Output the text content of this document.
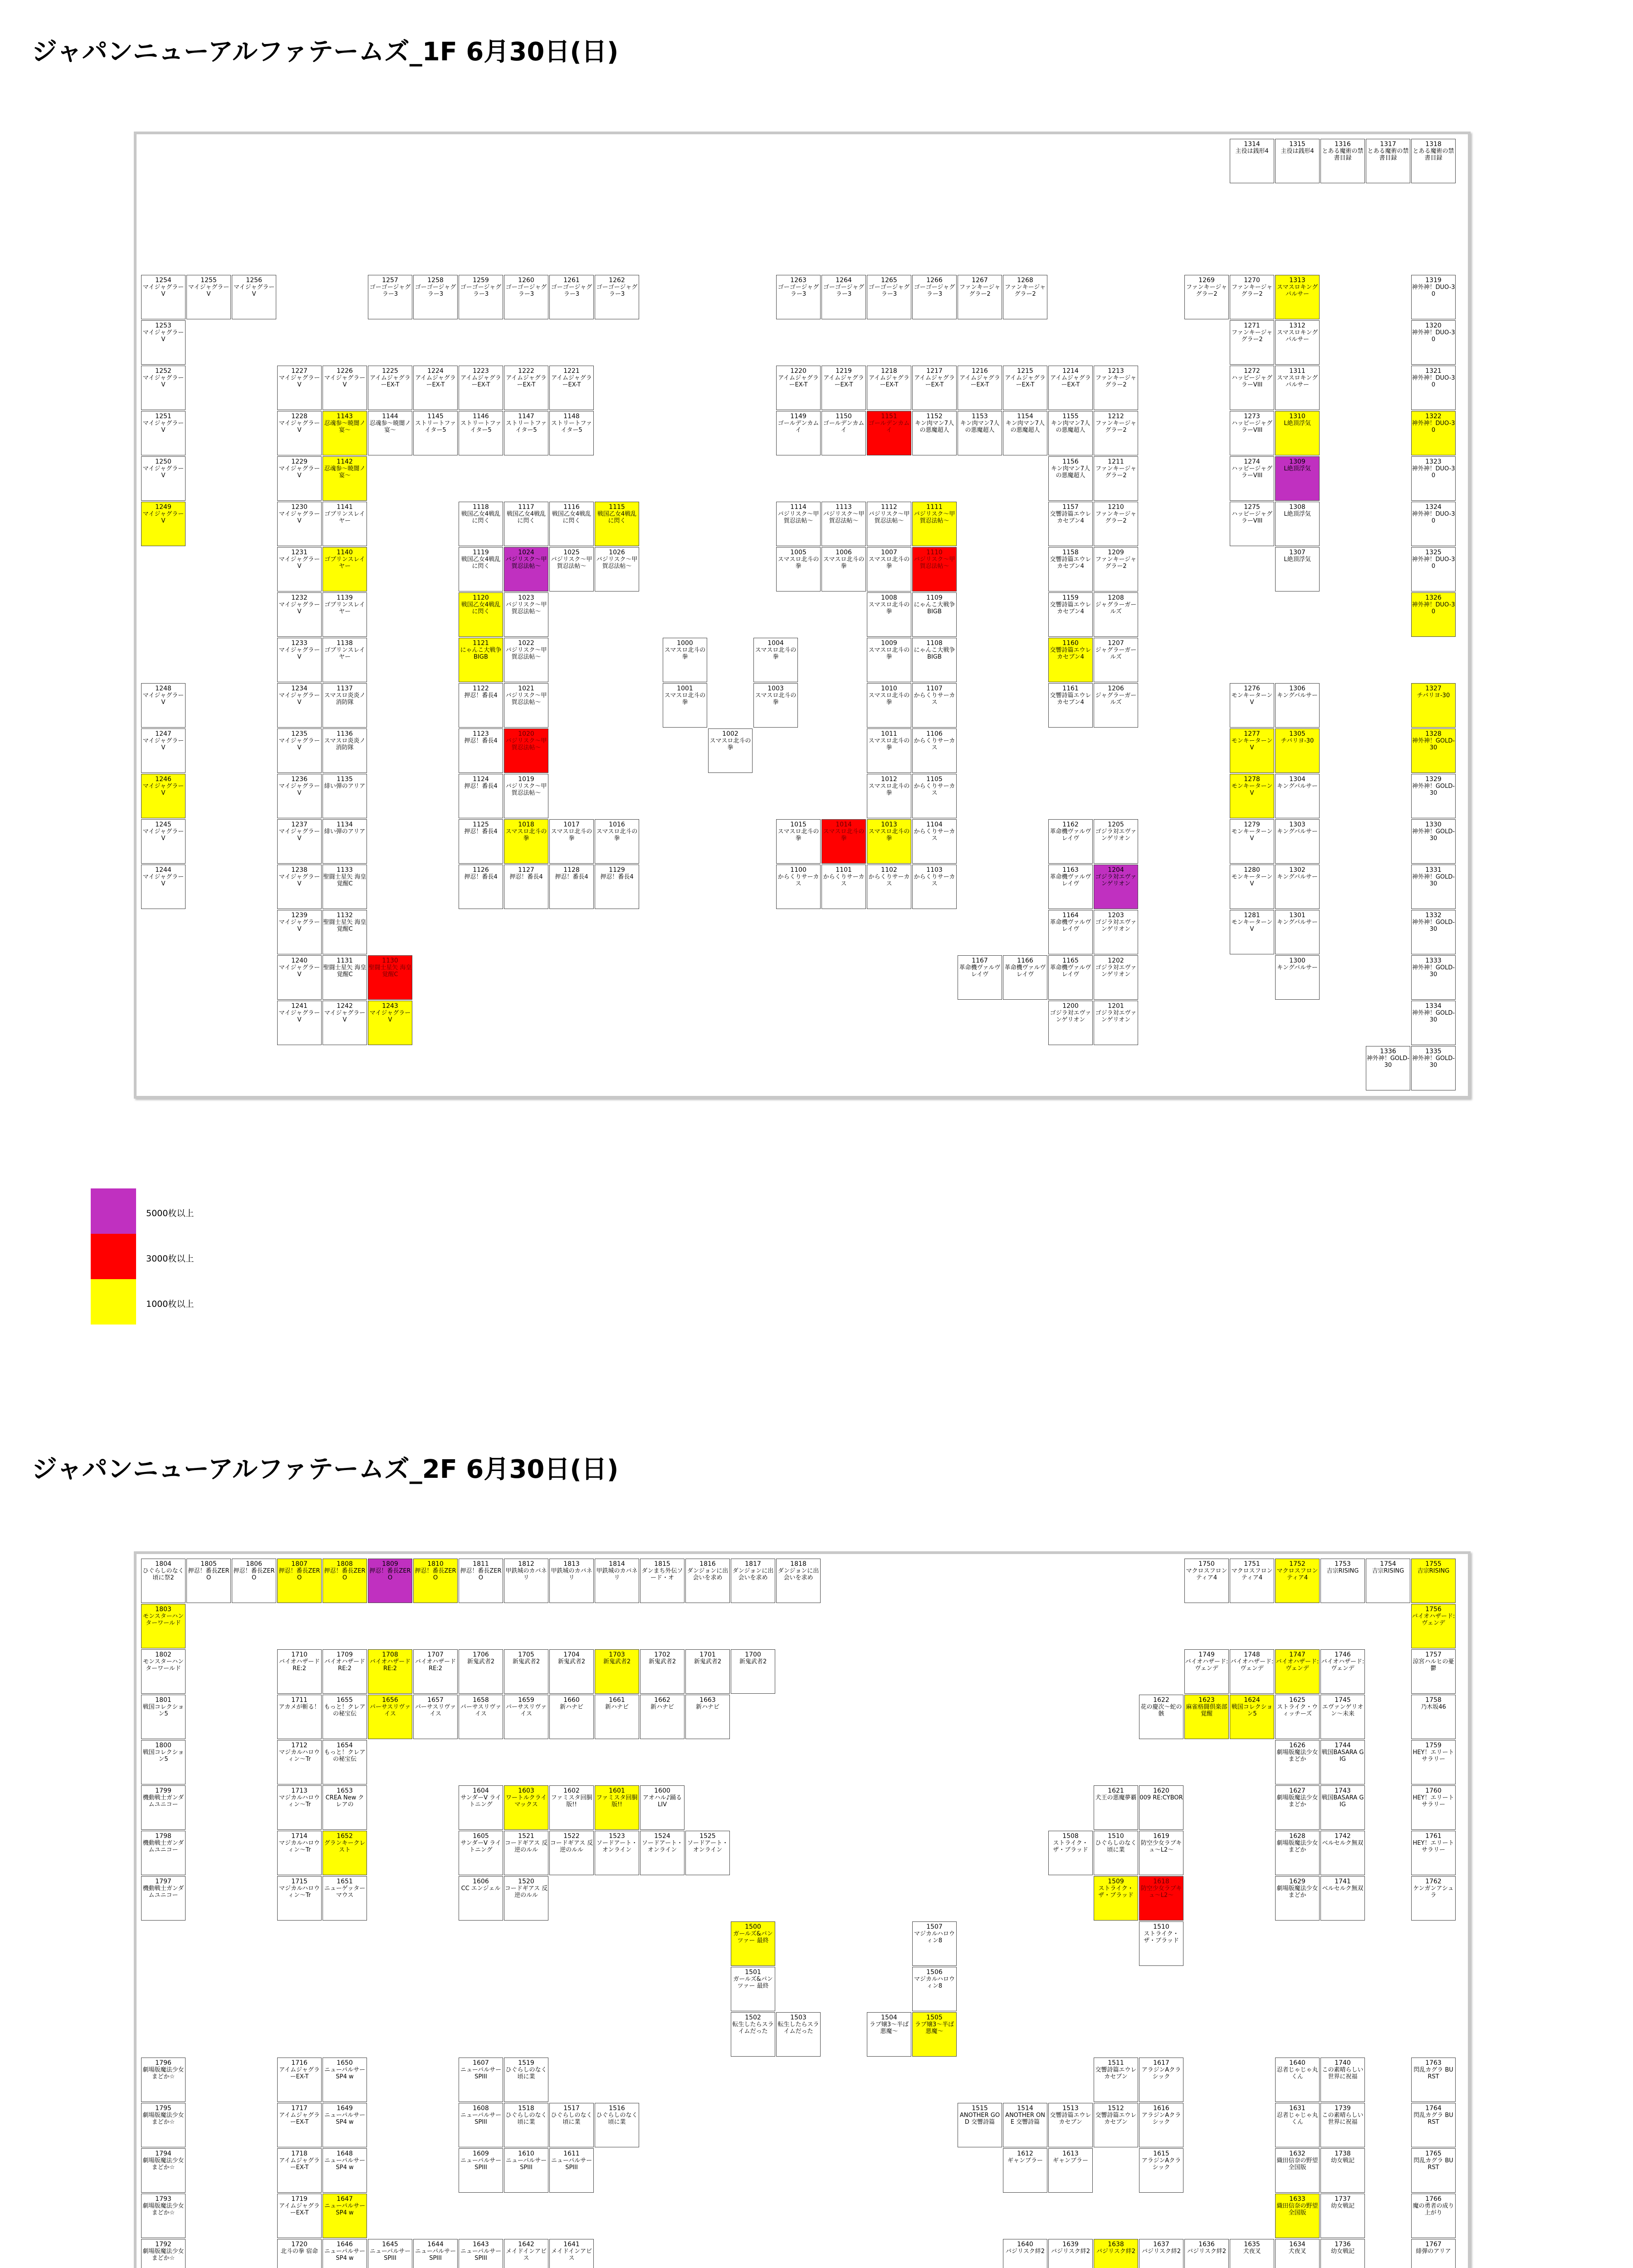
ジャパンニューアルファテームズ_1F 6月30日(日)
1314
主役は銭形4
1315
主役は銭形4
1316
とある魔術の禁書目録
1317
とある魔術の禁書目録
1318
とある魔術の禁書目録
1254
マイジャグラーV
1255
マイジャグラーV
1256
マイジャグラーV
1257
ゴーゴージャグラー3
1258
ゴーゴージャグラー3
1259
ゴーゴージャグラー3
1260
ゴーゴージャグラー3
1261
ゴーゴージャグラー3
1262
ゴーゴージャグラー3
1263
ゴーゴージャグラー3
1264
ゴーゴージャグラー3
1265
ゴーゴージャグラー3
1266
ゴーゴージャグラー3
1267
ファンキージャグラー2
1268
ファンキージャグラー2
1269
ファンキージャグラー2
1270
ファンキージャグラー2
1313
スマスロキングパルサー
1319
神外神！DUO-30
1253
マイジャグラーV
1271
ファンキージャグラー2
1312
スマスロキングパルサー
1320
神外神！DUO-30
1252
マイジャグラーV
1227
マイジャグラーV
1226
マイジャグラーV
1225
アイムジャグラーEX-T
1224
アイムジャグラーEX-T
1223
アイムジャグラーEX-T
1222
アイムジャグラーEX-T
1221
アイムジャグラーEX-T
1220
アイムジャグラーEX-T
1219
アイムジャグラーEX-T
1218
アイムジャグラーEX-T
1217
アイムジャグラーEX-T
1216
アイムジャグラーEX-T
1215
アイムジャグラーEX-T
1214
アイムジャグラーEX-T
1213
ファンキージャグラー2
1272
ハッピージャグラーVIII
1311
スマスロキングパルサー
1321
神外神！DUO-30
1251
マイジャグラーV
1228
マイジャグラーV
1143
忍魂参〜暁闇ノ宴〜
1144
忍魂参〜暁闇ノ宴〜
1145
ストリートファイター5
1146
ストリートファイター5
1147
ストリートファイター5
1148
ストリートファイター5
1149
ゴールデンカムイ
1150
ゴールデンカムイ
1151
ゴールデンカムイ
1152
キン肉マン7人の悪魔超人
1153
キン肉マン7人の悪魔超人
1154
キン肉マン7人の悪魔超人
1155
キン肉マン7人の悪魔超人
1212
ファンキージャグラー2
1273
ハッピージャグラーVIII
1310
L絶頂浮気
1322
神外神！DUO-30
1250
マイジャグラーV
1229
マイジャグラーV
1142
忍魂参〜暁闇ノ宴〜
1156
キン肉マン7人の悪魔超人
1211
ファンキージャグラー2
1274
ハッピージャグラーVIII
1309
L絶頂浮気
1323
神外神！DUO-30
1249
マイジャグラーV
1230
マイジャグラーV
1141
ゴブリンスレイヤー
1118
戦国乙女4戦乱に閃く
1117
戦国乙女4戦乱に閃く
1116
戦国乙女4戦乱に閃く
1115
戦国乙女4戦乱に閃く
1114
バジリスク〜甲賀忍法帖〜
1113
バジリスク〜甲賀忍法帖〜
1112
バジリスク〜甲賀忍法帖〜
1111
バジリスク〜甲賀忍法帖〜
1157
交響詩篇エウレカセブン4
1210
ファンキージャグラー2
1275
ハッピージャグラーVIII
1308
L絶頂浮気
1324
神外神！DUO-30
1231
マイジャグラーV
1140
ゴブリンスレイヤー
1119
戦国乙女4戦乱に閃く
1024
バジリスク〜甲賀忍法帖〜
1025
バジリスク〜甲賀忍法帖〜
1026
バジリスク〜甲賀忍法帖〜
1005
スマスロ北斗の拳
1006
スマスロ北斗の拳
1007
スマスロ北斗の拳
1110
バジリスク〜甲賀忍法帖〜
1158
交響詩篇エウレカセブン4
1209
ファンキージャグラー2
1307
L絶頂浮気
1325
神外神！DUO-30
1232
マイジャグラーV
1139
ゴブリンスレイヤー
1120
戦国乙女4戦乱に閃く
1023
バジリスク〜甲賀忍法帖〜
1008
スマスロ北斗の拳
1109
にゃんこ大戦争BIGB
1159
交響詩篇エウレカセブン4
1208
ジャグラーガールズ
1326
神外神！DUO-30
1233
マイジャグラーV
1138
ゴブリンスレイヤー
1121
にゃんこ大戦争BIGB
1022
バジリスク〜甲賀忍法帖〜
1000
スマスロ北斗の拳
1004
スマスロ北斗の拳
1009
スマスロ北斗の拳
1108
にゃんこ大戦争BIGB
1160
交響詩篇エウレカセブン4
1207
ジャグラーガールズ
1248
マイジャグラーV
1234
マイジャグラーV
1137
スマスロ炎炎ノ消防隊
1122
押忍！番長4
1021
バジリスク〜甲賀忍法帖〜
1001
スマスロ北斗の拳
1003
スマスロ北斗の拳
1010
スマスロ北斗の拳
1107
からくりサーカス
1161
交響詩篇エウレカセブン4
1206
ジャグラーガールズ
1276
モンキーターンV
1306
キングパルサー
1327
チバリヨ-30
1247
マイジャグラーV
1235
マイジャグラーV
1136
スマスロ炎炎ノ消防隊
1123
押忍！番長4
1020
バジリスク〜甲賀忍法帖〜
1002
スマスロ北斗の拳
1011
スマスロ北斗の拳
1106
からくりサーカス
1277
モンキーターンV
1305
チバリヨ-30
1328
神外神！GOLD-30
1246
マイジャグラーV
1236
マイジャグラーV
1135
緋い弾のアリア
1124
押忍！番長4
1019
バジリスク〜甲賀忍法帖〜
1012
スマスロ北斗の拳
1105
からくりサーカス
1278
モンキーターンV
1304
キングパルサー
1329
神外神！GOLD-30
1245
マイジャグラーV
1237
マイジャグラーV
1134
緋い弾のアリア
1125
押忍！番長4
1018
スマスロ北斗の拳
1017
スマスロ北斗の拳
1016
スマスロ北斗の拳
1015
スマスロ北斗の拳
1014
スマスロ北斗の拳
1013
スマスロ北斗の拳
1104
からくりサーカス
1162
革命機ヴァルヴレイヴ
1205
ゴジラ対エヴァンゲリオン
1279
モンキーターンV
1303
キングパルサー
1330
神外神！GOLD-30
1244
マイジャグラーV
1238
マイジャグラーV
1133
聖闘士星矢 海皇覚醒C
1126
押忍！番長4
1127
押忍！番長4
1128
押忍！番長4
1129
押忍！番長4
1100
からくりサーカス
1101
からくりサーカス
1102
からくりサーカス
1103
からくりサーカス
1163
革命機ヴァルヴレイヴ
1204
ゴジラ対エヴァンゲリオン
1280
モンキーターンV
1302
キングパルサー
1331
神外神！GOLD-30
1239
マイジャグラーV
1132
聖闘士星矢 海皇覚醒C
1164
革命機ヴァルヴレイヴ
1203
ゴジラ対エヴァンゲリオン
1281
モンキーターンV
1301
キングパルサー
1332
神外神！GOLD-30
1240
マイジャグラーV
1131
聖闘士星矢 海皇覚醒C
1130
聖闘士星矢 海皇覚醒C
1167
革命機ヴァルヴレイヴ
1166
革命機ヴァルヴレイヴ
1165
革命機ヴァルヴレイヴ
1202
ゴジラ対エヴァンゲリオン
1300
キングパルサー
1333
神外神！GOLD-30
1241
マイジャグラーV
1242
マイジャグラーV
1243
マイジャグラーV
1200
ゴジラ対エヴァンゲリオン
1201
ゴジラ対エヴァンゲリオン
1334
神外神！GOLD-30
1336
神外神！GOLD-30
1335
神外神！GOLD-30
5000枚以上
3000枚以上
1000枚以上
ジャパンニューアルファテームズ_2F 6月30日(日)
1804
ひぐらしのなく頃に祭2
1805
押忍！番長ZERO
1806
押忍！番長ZERO
1807
押忍！番長ZERO
1808
押忍！番長ZERO
1809
押忍！番長ZERO
1810
押忍！番長ZERO
1811
押忍！番長ZERO
1812
甲鉄城のカバネリ
1813
甲鉄城のカバネリ
1814
甲鉄城のカバネリ
1815
ダンまち外伝ソード・オ
1816
ダンジョンに出会いを求め
1817
ダンジョンに出会いを求め
1818
ダンジョンに出会いを求め
1750
マクロスフロンティア4
1751
マクロスフロンティア4
1752
マクロスフロンティア4
1753
吉宗RISING
1754
吉宗RISING
1755
吉宗RISING
1803
モンスターハンターワールド
1756
バイオハザード:ヴェンデ
1802
モンスターハンターワールド
1710
バイオハザードRE:2
1709
バイオハザードRE:2
1708
バイオハザードRE:2
1707
バイオハザードRE:2
1706
新鬼武者2
1705
新鬼武者2
1704
新鬼武者2
1703
新鬼武者2
1702
新鬼武者2
1701
新鬼武者2
1700
新鬼武者2
1749
バイオハザード:ヴェンデ
1748
バイオハザード:ヴェンデ
1747
バイオハザード:ヴェンデ
1746
バイオハザード:ヴェンデ
1757
涼宮ハルヒの憂鬱
1801
戦国コレクション5
1711
アカメが斬る！
1655
もっと！クレアの秘宝伝
1656
パーサスリヴァイス
1657
パーサスリヴァイス
1658
パーサスリヴァイス
1659
パーサスリヴァイス
1660
新ハナビ
1661
新ハナビ
1662
新ハナビ
1663
新ハナビ
1622
花の慶次〜蛇の骸
1623
麻雀格闘倶楽部覚醒
1624
戦国コレクション5
1625
ストライク・ウィッチーズ
1745
エヴァンゲリオン〜未来
1758
乃木坂46
1800
戦国コレクション5
1712
マジカルハロウィン〜Tr
1654
もっと！クレアの秘宝伝
1626
劇場版魔法少女まどか
1744
戦国BASARA GIG
1759
HEY！エリートサラリー
1799
機動戦士ガンダムユニコー
1713
マジカルハロウィン〜Tr
1653
CREA New クレアの
1604
サンダーV ライトニング
1603
ワートルクライマックス
1602
ファミスタ回胴版!!
1601
ファミスタ回胴版!!
1600
アオハル♪踊る LIV
1621
犬王の悪魔夢覇
1620
009 RE:CYBOR
1627
劇場版魔法少女まどか
1743
戦国BASARA GIG
1760
HEY！エリートサラリー
1798
機動戦士ガンダムユニコー
1714
マジカルハロウィン〜Tr
1652
グランキークレスト
1605
サンダーV ライトニング
1521
コードギアス 反逆のルル
1522
コードギアス 反逆のルル
1523
ソードアート・オンライン
1524
ソードアート・オンライン
1525
ソードアート・オンライン
1508
ストライク・ザ・ブラッド
1510
ひぐらしのなく頃に業
1619
防空少女ラブキュ〜L2〜
1628
劇場版魔法少女まどか
1742
ベルセルク無双
1761
HEY！エリートサラリー
1797
機動戦士ガンダムユニコー
1715
マジカルハロウィン〜Tr
1651
ニューゲッターマウス
1606
CC エンジェル
1520
コードギアス 反逆のルル
1509
ストライク・ザ・ブラッド
1618
防空少女ラブキュ〜L2〜
1629
劇場版魔法少女まどか
1741
ベルセルク無双
1762
ケンガンアシュラ
1500
ガールズ&パンツァー 最終
1507
マジカルハロウィン8
1510
ストライク・ザ・ブラッド
1501
ガールズ&パンツァー 最終
1506
マジカルハロウィン8
1502
転生したらスライムだった
1503
転生したらスライムだった
1504
ラブ嬢3〜半ば悪魔〜
1505
ラブ嬢3〜半ば悪魔〜
1796
劇場版魔法少女まどか☆
1716
アイムジャグラーEX-T
1650
ニューパルサーSP4 w
1607
ニューパルサーSPIII
1519
ひぐらしのなく頃に業
1511
交響詩篇エウレカセブン
1617
アラジンAクラシック
1640
忍者じゃじゃ丸くん
1740
この素晴らしい世界に祝福
1763
閃乱カグラ BURST
1795
劇場版魔法少女まどか☆
1717
アイムジャグラーEX-T
1649
ニューパルサーSP4 w
1608
ニューパルサーSPIII
1518
ひぐらしのなく頃に業
1517
ひぐらしのなく頃に業
1516
ひぐらしのなく頃に業
1515
ANOTHER GOD 交響詩篇
1514
ANOTHER ONE 交響詩篇
1513
交響詩篇エウレカセブン
1512
交響詩篇エウレカセブン
1616
アラジンAクラシック
1631
忍者じゃじゃ丸くん
1739
この素晴らしい世界に祝福
1764
閃乱カグラ BURST
1794
劇場版魔法少女まどか☆
1718
アイムジャグラーEX-T
1648
ニューパルサーSP4 w
1609
ニューパルサーSPIII
1610
ニューパルサーSPIII
1611
ニューパルサーSPIII
1612
ギャンブラー
1613
ギャンブラー
1615
アラジンAクラシック
1632
織田信奈の野望 全国版
1738
幼女戦記
1765
閃乱カグラ BURST
1793
劇場版魔法少女まどか☆
1719
アイムジャグラーEX-T
1647
ニューパルサーSP4 w
1633
織田信奈の野望 全国版
1737
幼女戦記
1766
魔の勇者の成り上がり
1792
劇場版魔法少女まどか☆
1720
北斗の拳 宿命
1646
ニューパルサーSP4 w
1645
ニューパルサーSPIII
1644
ニューパルサーSPIII
1643
ニューパルサーSPIII
1642
メイドインアビス
1641
メイドインアビス
1640
バジリスク絆2
1639
バジリスク絆2
1638
バジリスク絆2
1637
バジリスク絆2
1636
バジリスク絆2
1635
犬夜叉
1634
犬夜叉
1736
幼女戦記
1767
緋弾のアリア
